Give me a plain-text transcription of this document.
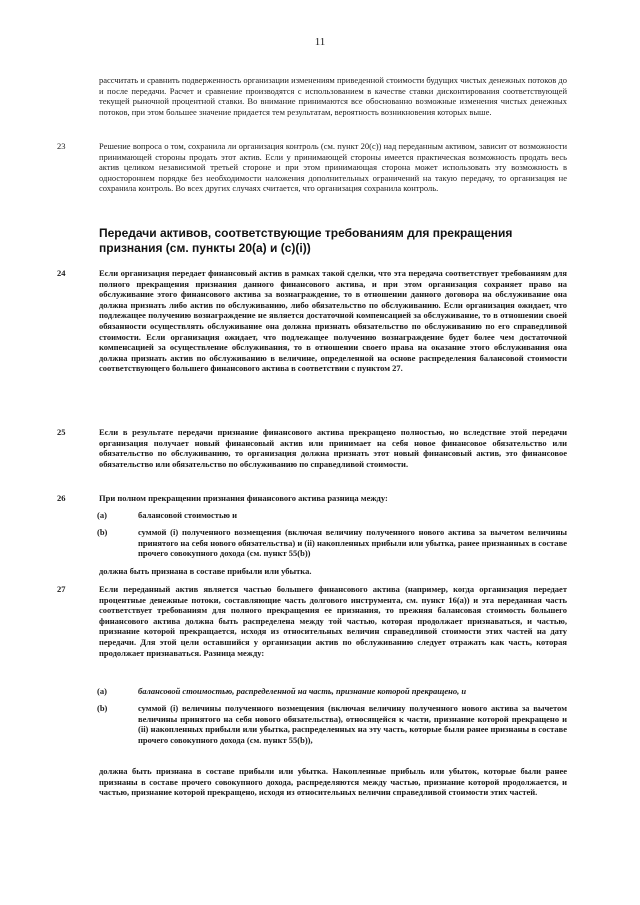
11
рассчитать и сравнить подверженность организации изменениям приведенной стоимости будущих чистых денежных потоков до и после передачи. Расчет и сравнение производятся с использованием в качестве ставки дисконтирования соответствующей текущей рыночной процентной ставки. Во внимание принимаются все обоснованно возможные изменения чистых денежных потоков, при этом большее значение придается тем результатам, вероятность возникновения которых выше.
23	Решение вопроса о том, сохранила ли организация контроль (см. пункт 20(c)) над переданным активом, зависит от возможности принимающей стороны продать этот актив. Если у принимающей стороны имеется практическая возможность продать весь актив целиком независимой третьей стороне и при этом принимающая сторона может использовать эту возможность в одностороннем порядке без необходимости наложения дополнительных ограничений на такую передачу, то организация не сохранила контроль. Во всех других случаях считается, что организация сохранила контроль.
Передачи активов, соответствующие требованиям для прекращения признания (см. пункты 20(a) и (c)(i))
24	Если организация передает финансовый актив в рамках такой сделки, что эта передача соответствует требованиям для полного прекращения признания данного финансового актива, и при этом организация сохраняет право на обслуживание этого финансового актива за вознаграждение, то в отношении данного договора на обслуживание она должна признать либо актив по обслуживанию, либо обязательство по обслуживанию. Если организация ожидает, что подлежащее получению вознаграждение не является достаточной компенсацией за обслуживание, то в отношении своей обязанности осуществлять обслуживание она должна признать обязательство по обслуживанию по его справедливой стоимости. Если организация ожидает, что подлежащее получению вознаграждение будет более чем достаточной компенсацией за осуществление обслуживания, то в отношении своего права на оказание этого обслуживания она должна признать актив по обслуживанию в величине, определенной на основе распределения балансовой стоимости соответствующего большего финансового актива в соответствии с пунктом 27.
25	Если в результате передачи признание финансового актива прекращено полностью, но вследствие этой передачи организация получает новый финансовый актив или принимает на себя новое финансовое обязательство или обязательство по обслуживанию, то организация должна признать этот новый финансовый актив, это финансовое обязательство или обязательство по обслуживанию по справедливой стоимости.
26	При полном прекращении признания финансового актива разница между:
(a)	балансовой стоимостью и
(b)	суммой (i) полученного возмещения (включая величину полученного нового актива за вычетом величины принятого на себя нового обязательства) и (ii) накопленных прибыли или убытка, ранее признанных в составе прочего совокупного дохода (см. пункт 55(b))
должна быть признана в составе прибыли или убытка.
27	Если переданный актив является частью большего финансового актива (например, когда организация передает процентные денежные потоки, составляющие часть долгового инструмента, см. пункт 16(a)) и эта переданная часть соответствует требованиям для полного прекращения ее признания, то прежняя балансовая стоимость большего финансового актива должна быть распределена между той частью, которая продолжает признаваться, и частью, признание которой прекращается, исходя из относительных величин справедливой стоимости этих частей на дату передачи. Для этой цели оставшийся у организации актив по обслуживанию следует отражать как часть, которая продолжает признаваться. Разница между:
(a)	балансовой стоимостью, распределенной на часть, признание которой прекращено, и
(b)	суммой (i) величины полученного возмещения (включая величину полученного нового актива за вычетом величины принятого на себя нового обязательства), относящейся к части, признание которой прекращено и (ii) накопленных прибыли или убытка, распределенных на эту часть, которые были ранее признаны в составе прочего совокупного дохода (см. пункт 55(b)),
должна быть признана в составе прибыли или убытка. Накопленные прибыль или убыток, которые были ранее признаны в составе прочего совокупного дохода, распределяются между частью, признание которой продолжается, и частью, признание которой прекращено, исходя из относительных величин справедливой стоимости этих частей.
